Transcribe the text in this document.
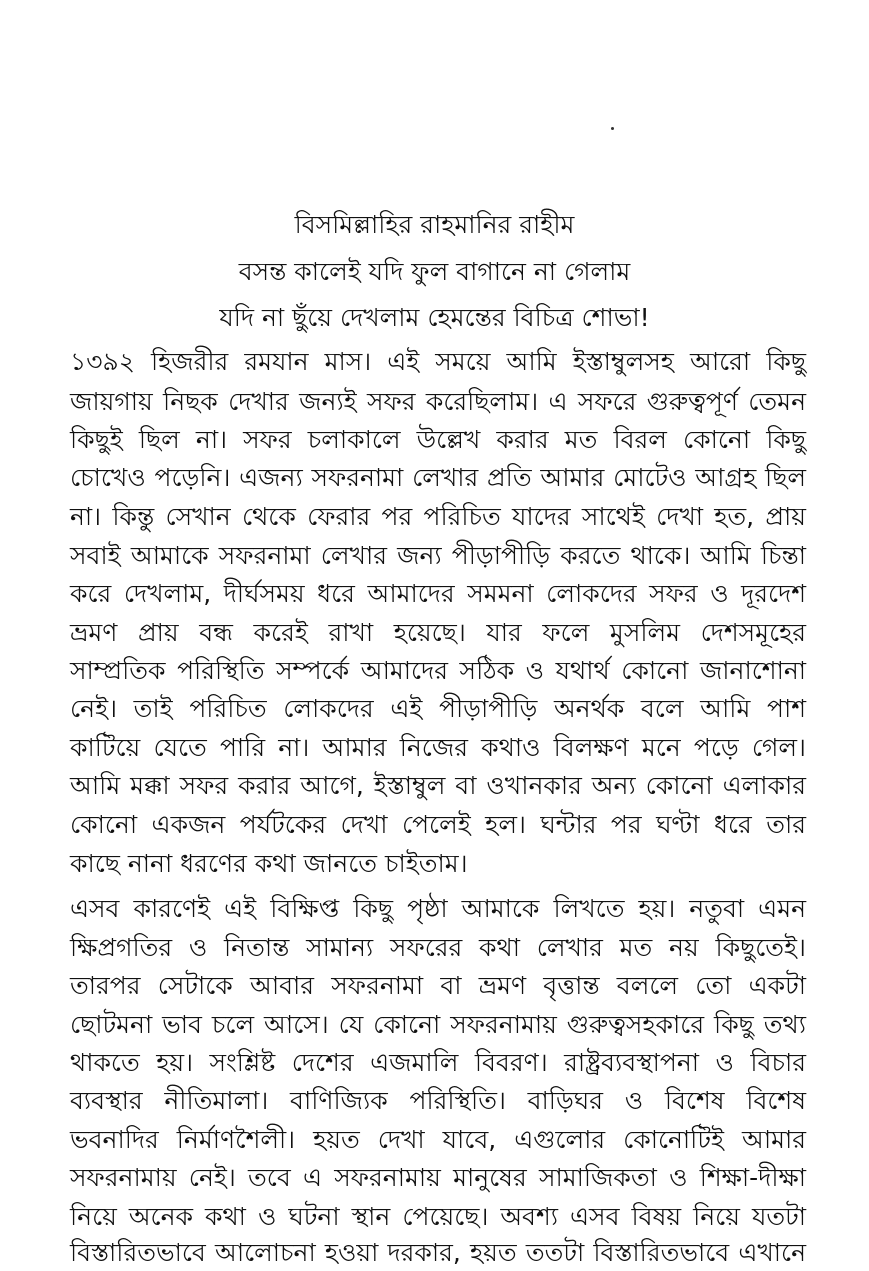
বিসমিল্লাহির রাহমানির রাহীম
বসন্ত কালেই যদি ফুল বাগানে না গেলাম
যদি না ছুঁয়ে দেখলাম হেমন্তের বিচিত্র শোভা!
১৩৯২ হিজরীর রমযান মাস। এই সময়ে আমি ইস্তাম্বুলসহ আরো কিছু
জায়গায় নিছক দেখার জন্যই সফর করেছিলাম। এ সফরে গুরুত্বপূর্ণ তেমন
কিছুই ছিল না। সফর চলাকালে উল্লেখ করার মত বিরল কোনো কিছু
চোখেও পড়েনি। এজন্য সফরনামা লেখার প্রতি আমার মোটেও আগ্রহ ছিল
না। কিন্তু সেখান থেকে ফেরার পর পরিচিত যাদের সাথেই দেখা হত, প্রায়
সবাই আমাকে সফরনামা লেখার জন্য পীড়াপীড়ি করতে থাকে। আমি চিন্তা
করে দেখলাম, দীর্ঘসময় ধরে আমাদের সমমনা লোকদের সফর ও দূরদেশ
ভ্রমণ প্রায় বন্ধ করেই রাখা হয়েছে। যার ফলে মুসলিম দেশসমূহের
সাম্প্রতিক পরিস্থিতি সম্পর্কে আমাদের সঠিক ও যথার্থ কোনো জানাশোনা
নেই। তাই পরিচিত লোকদের এই পীড়াপীড়ি অনর্থক বলে আমি পাশ
কাটিয়ে যেতে পারি না। আমার নিজের কথাও বিলক্ষণ মনে পড়ে গেল।
আমি মক্কা সফর করার আগে, ইস্তাম্বুল বা ওখানকার অন্য কোনো এলাকার
কোনো একজন পর্যটকের দেখা পেলেই হল। ঘন্টার পর ঘণ্টা ধরে তার
কাছে নানা ধরণের কথা জানতে চাইতাম।
এসব কারণেই এই বিক্ষিপ্ত কিছু পৃষ্ঠা আমাকে লিখতে হয়। নতুবা এমন
ক্ষিপ্রগতির ও নিতান্ত সামান্য সফরের কথা লেখার মত নয় কিছুতেই।
তারপর সেটাকে আবার সফরনামা বা ভ্রমণ বৃত্তান্ত বললে তো একটা
ছোটমনা ভাব চলে আসে। যে কোনো সফরনামায় গুরুত্বসহকারে কিছু তথ্য
থাকতে হয়। সংশ্লিষ্ট দেশের এজমালি বিবরণ। রাষ্ট্রব্যবস্থাপনা ও বিচার
ব্যবস্থার নীতিমালা। বাণিজ্যিক পরিস্থিতি। বাড়িঘর ও বিশেষ বিশেষ
ভবনাদির নির্মাণশৈলী। হয়ত দেখা যাবে, এগুলোর কোনোটিই আমার
সফরনামায় নেই। তবে এ সফরনামায় মানুষের সামাজিকতা ও শিক্ষা-দীক্ষা
নিয়ে অনেক কথা ও ঘটনা স্থান পেয়েছে। অবশ্য এসব বিষয় নিয়ে যতটা
বিস্তারিতভাবে আলোচনা হওয়া দরকার, হয়ত ততটা বিস্তারিতভাবে এখানে
